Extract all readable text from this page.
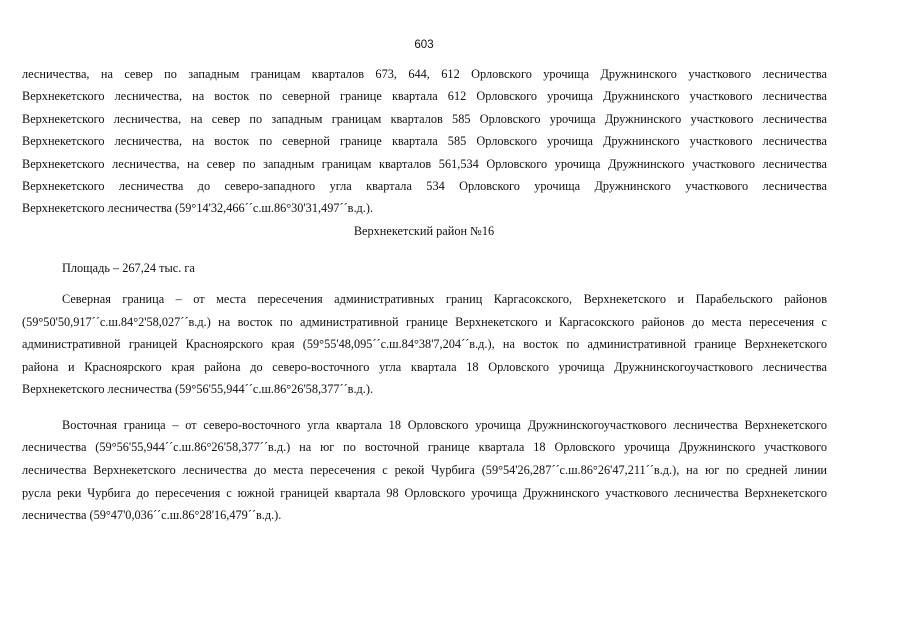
603
лесничества, на север по западным границам кварталов 673, 644, 612 Орловского урочища Дружнинского участкового лесничества
Верхнекетского лесничества, на восток по северной границе квартала 612 Орловского урочища Дружнинского участкового лесничества
Верхнекетского лесничества, на север по западным границам кварталов 585 Орловского урочища Дружнинского участкового лесничества
Верхнекетского лесничества, на восток по северной границе квартала 585 Орловского урочища Дружнинского участкового лесничества
Верхнекетского лесничества, на север по западным границам кварталов 561,534 Орловского урочища Дружнинского участкового лесничества
Верхнекетского лесничества до северо-западного угла квартала 534 Орловского урочища Дружнинского участкового лесничества
Верхнекетского лесничества (59°14'32,466´´с.ш.86°30'31,497´´в.д.).
Верхнекетский район №16
Площадь – 267,24 тыс. га
Северная граница – от места пересечения административных границ Каргасокского, Верхнекетского и Парабельского районов
(59°50'50,917´´с.ш.84°2'58,027´´в.д.) на восток по административной границе Верхнекетского и Каргасокского районов до места пересечения с
административной границей Красноярского края (59°55'48,095´´с.ш.84°38'7,204´´в.д.), на восток по административной границе Верхнекетского
района и Красноярского края района до северо-восточного угла квартала 18 Орловского урочища Дружнинскогоучасткового лесничества
Верхнекетского лесничества (59°56'55,944´´с.ш.86°26'58,377´´в.д.).
Восточная граница – от северо-восточного угла квартала 18 Орловского урочища Дружнинскогоучасткового лесничества Верхнекетского
лесничества (59°56'55,944´´с.ш.86°26'58,377´´в.д.) на юг по восточной границе квартала 18 Орловского урочища Дружнинского участкового
лесничества Верхнекетского лесничества до места пересечения с рекой Чурбига (59°54'26,287´´с.ш.86°26'47,211´´в.д.), на юг по средней линии
русла реки Чурбига до пересечения с южной границей квартала 98 Орловского урочища Дружнинского участкового лесничества Верхнекетского
лесничества (59°47'0,036´´с.ш.86°28'16,479´´в.д.).
